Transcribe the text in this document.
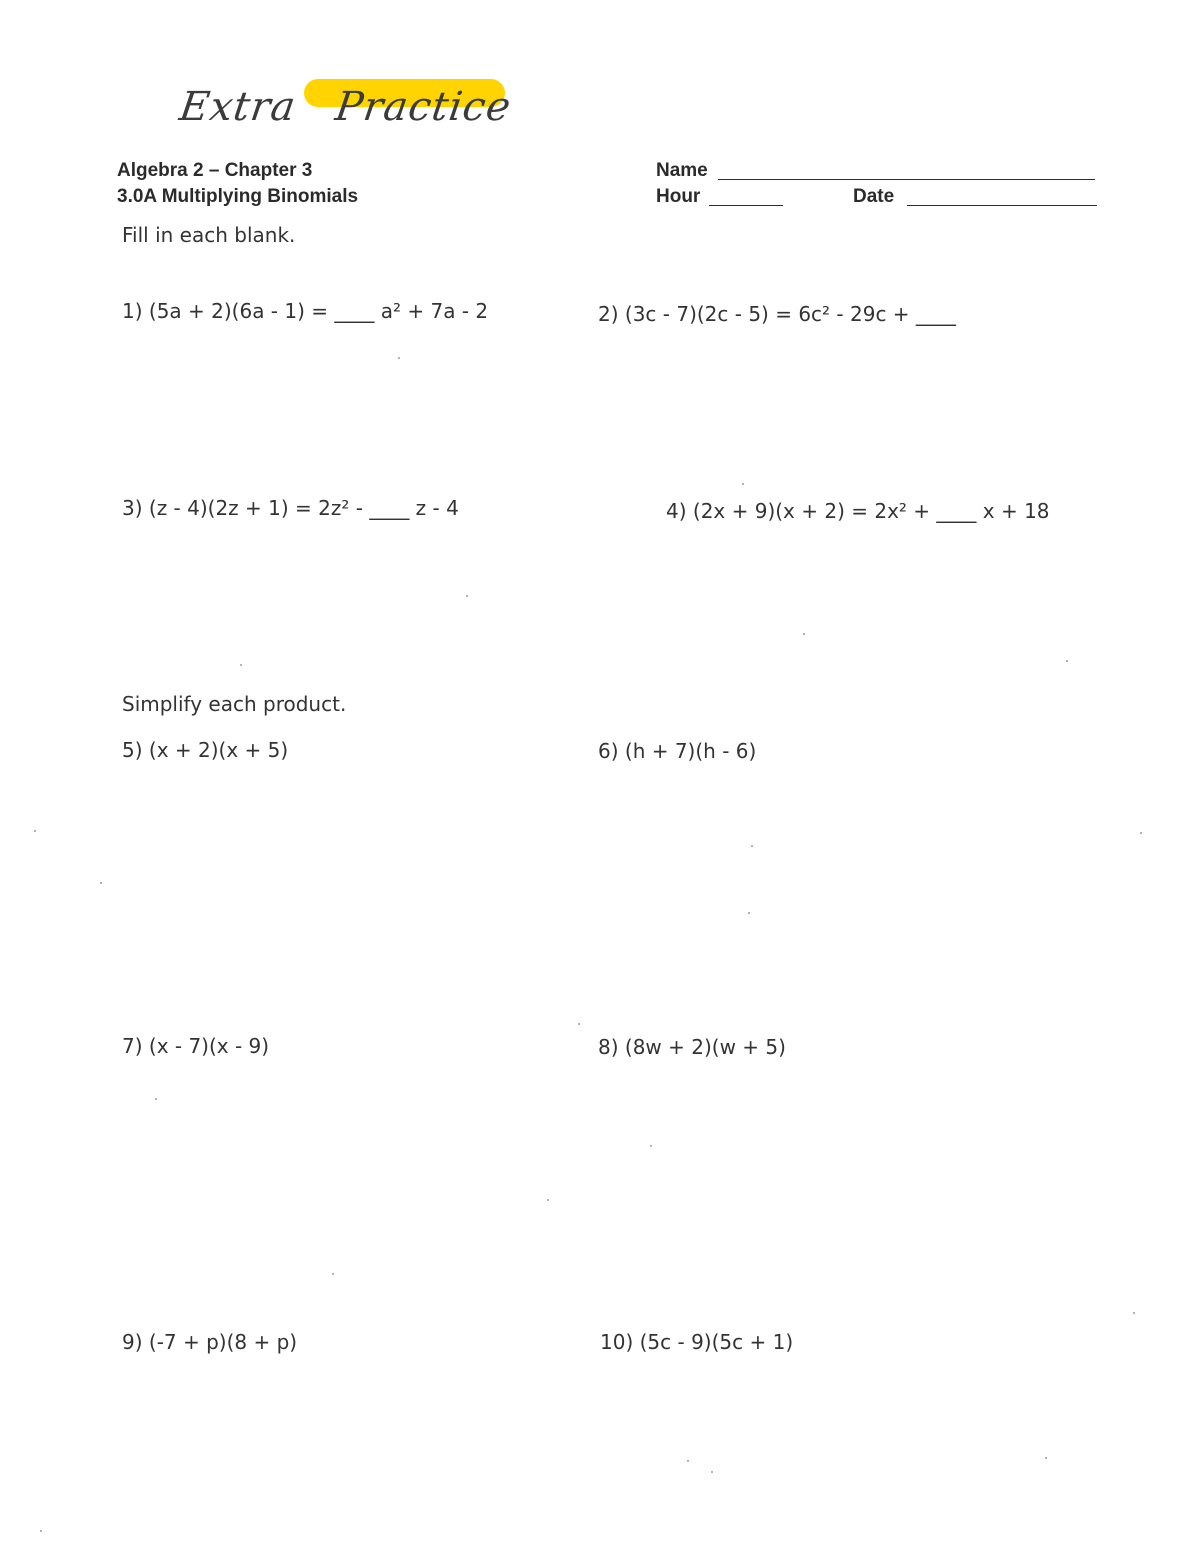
Extra Practice
Algebra 2 – Chapter 3
3.0A Multiplying Binomials
Name
Hour	Date
Fill in each blank.
1) (5a + 2)(6a - 1) = ____ a² + 7a - 2	2) (3c - 7)(2c - 5) = 6c² - 29c + ____
3) (z - 4)(2z + 1) = 2z² - ____ z - 4	4) (2x + 9)(x + 2) = 2x² + ____ x + 18
Simplify each product.
5) (x + 2)(x + 5)	6) (h + 7)(h - 6)
7) (x - 7)(x - 9)	8) (8w + 2)(w + 5)
9) (-7 + p)(8 + p)	10) (5c - 9)(5c + 1)
